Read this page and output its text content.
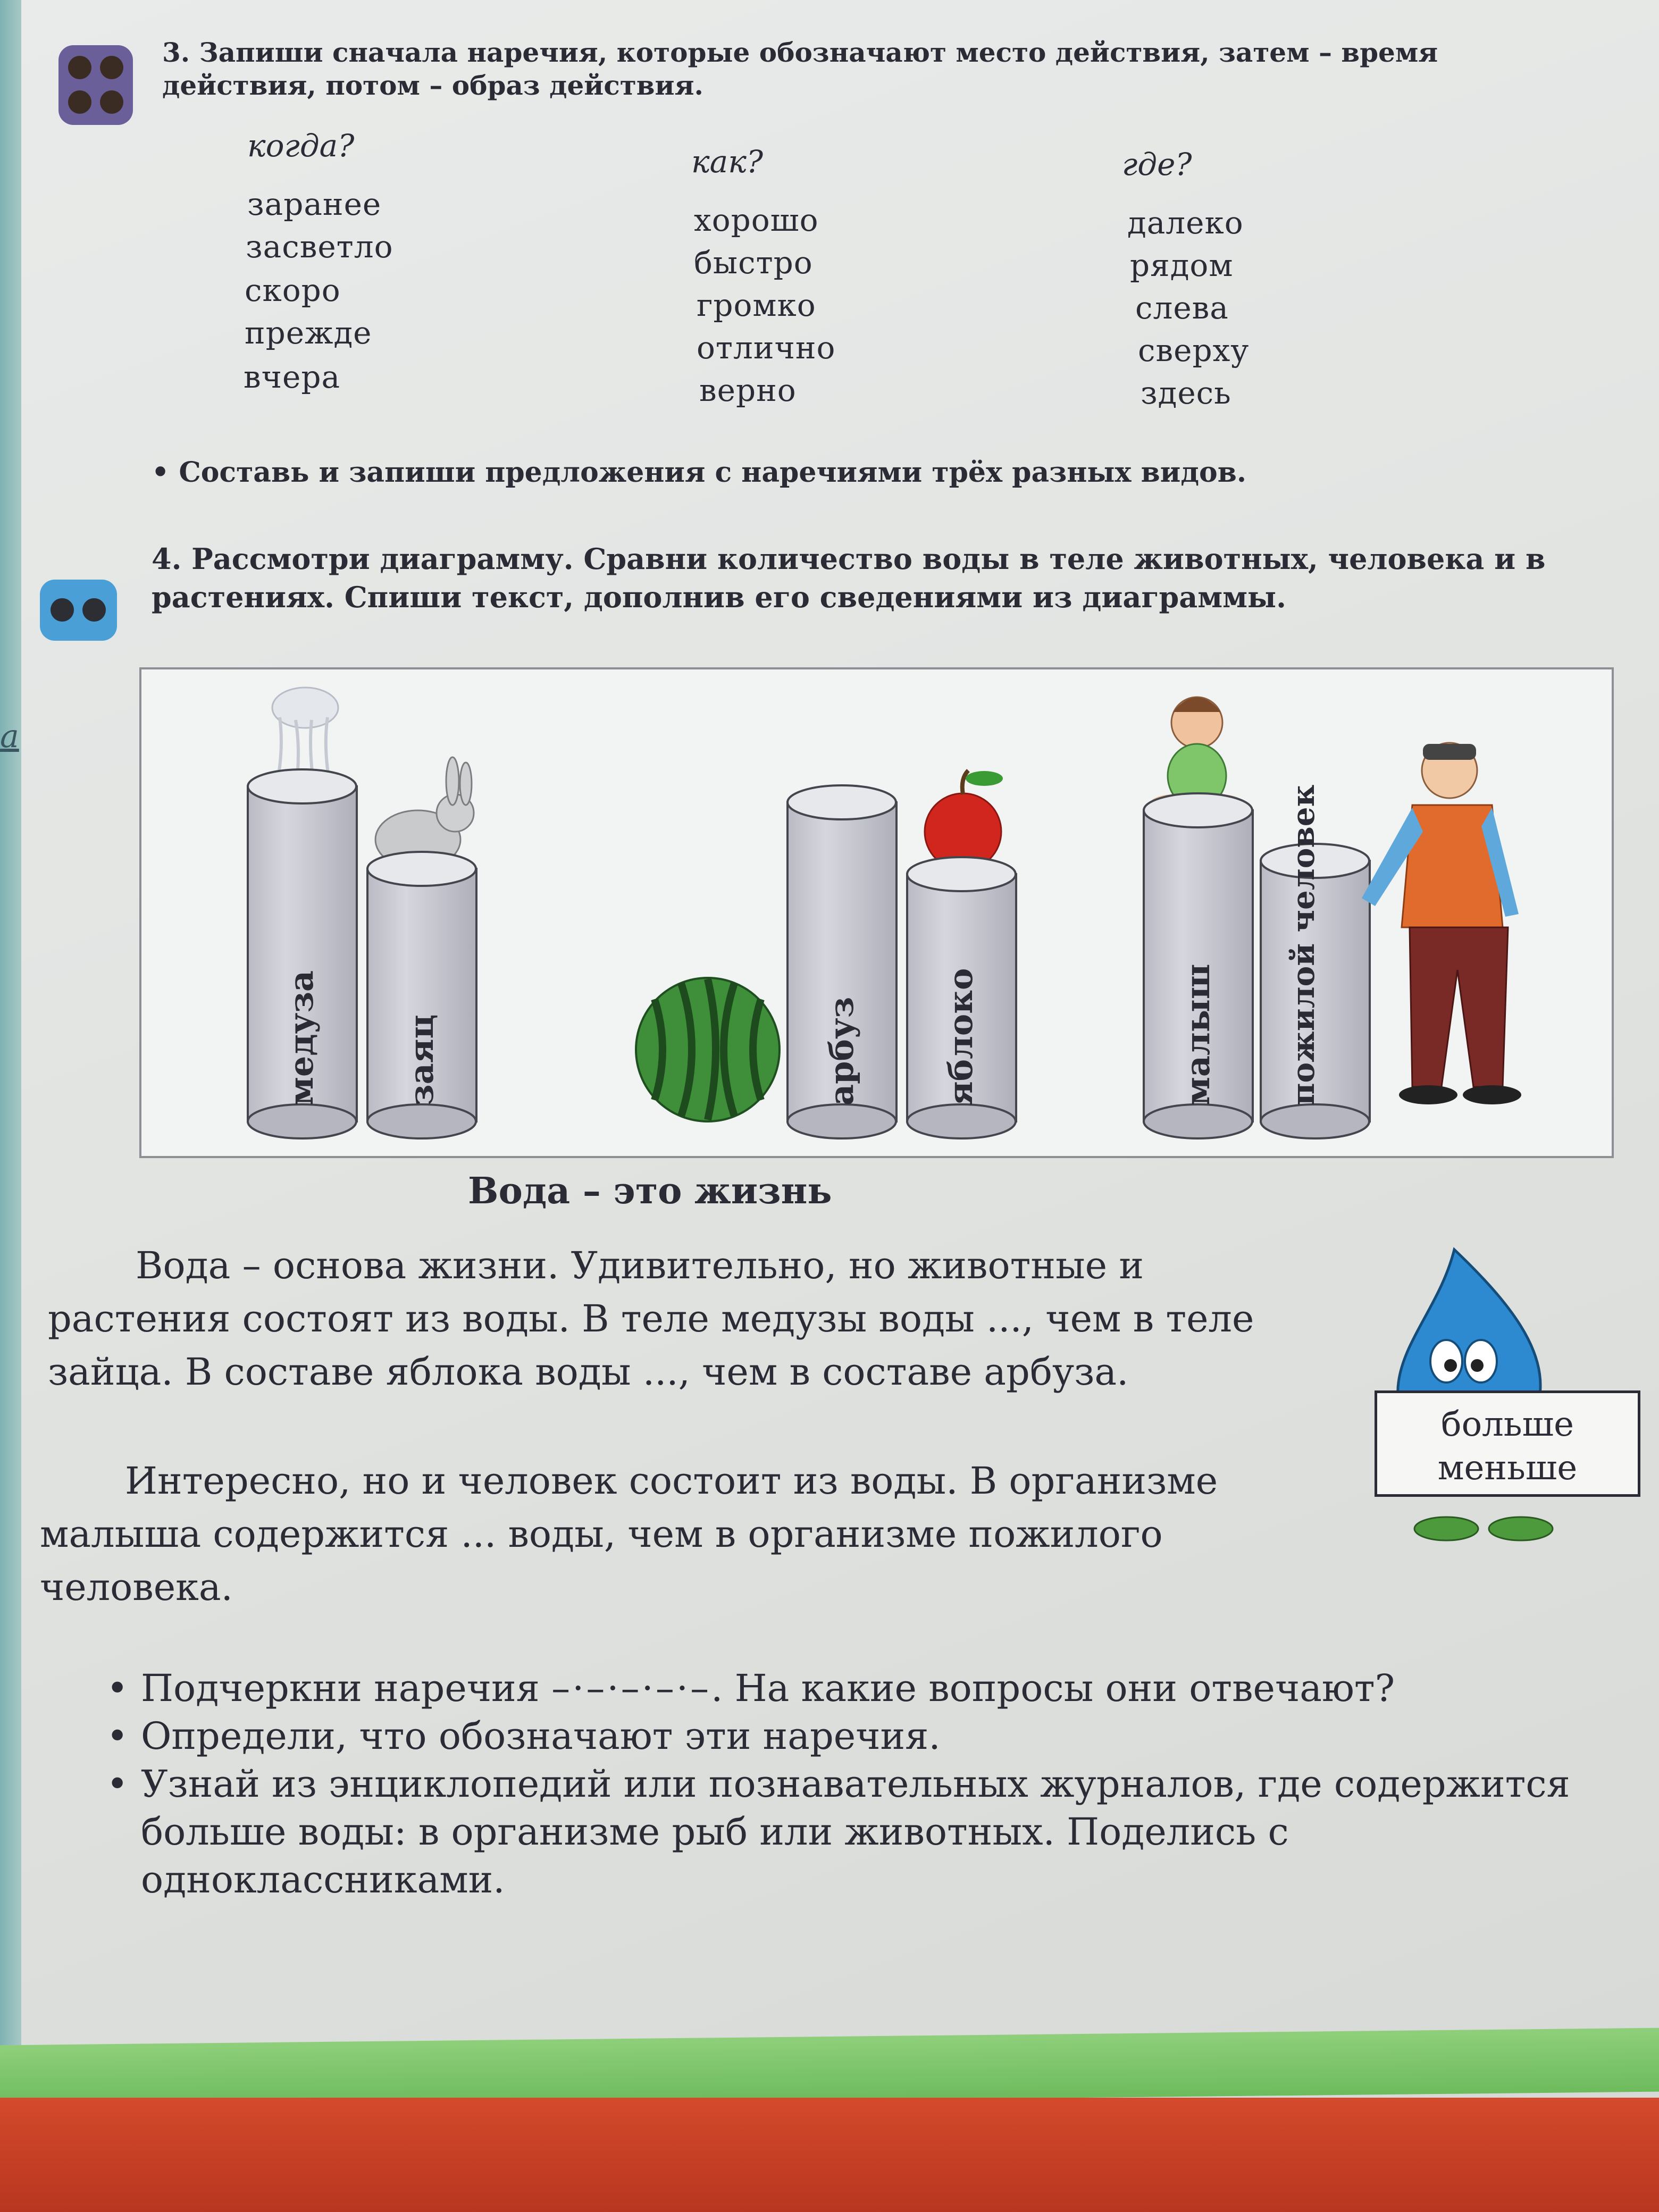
а
3. Запиши сначала наречия, которые обозначают место действия, затем – время действия, потом – образ действия.
когда?
заранее
засветло
скоро
прежде
вчера
как?
хорошо
быстро
громко
отлично
верно
где?
далеко
рядом
слева
сверху
здесь
• Составь и запиши предложения с наречиями трёх разных видов.
4. Рассмотри диаграмму. Сравни количество воды в теле животных, человека и в растениях. Спиши текст, дополнив его сведениями из диаграммы.
медуза заяц	арбуз яблоко	малыш пожилой человек
Вода – это жизнь
Вода – основа жизни. Удивительно, но животные и растения состоят из воды. В теле медузы воды ..., чем в теле зайца. В составе яблока воды ..., чем в составе арбуза.
Интересно, но и человек состоит из воды. В организме малыша содержится ... воды, чем в организме пожилого человека.
больше
меньше
• Подчеркни наречия –·–·–·–·–. На какие вопросы они отвечают?
• Определи, что обозначают эти наречия.
• Узнай из энциклопедий или познавательных журналов, где содержится больше воды: в организме рыб или животных. Поделись с одноклассниками.
